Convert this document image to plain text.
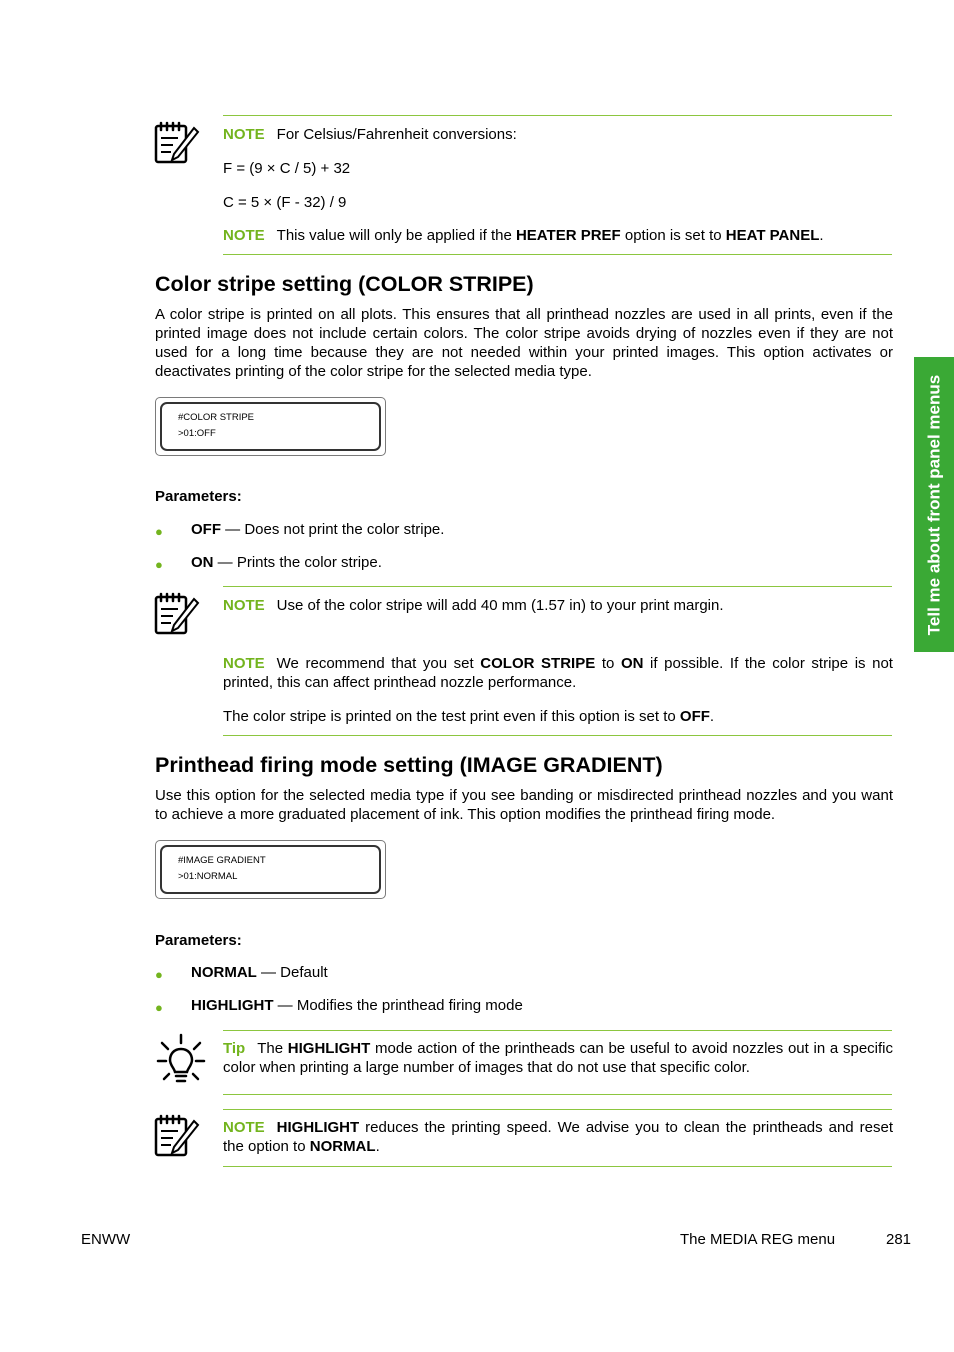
NOTE For Celsius/Fahrenheit conversions:
F = (9 × C / 5) + 32
C = 5 × (F - 32) / 9
NOTE This value will only be applied if the HEATER PREF option is set to HEAT PANEL.
Color stripe setting (COLOR STRIPE)
A color stripe is printed on all plots. This ensures that all printhead nozzles are used in all prints, even if the printed image does not include certain colors. The color stripe avoids drying of nozzles even if they are not used for a long time because they are not needed within your printed images. This option activates or deactivates printing of the color stripe for the selected media type.
#COLOR STRIPE
>01:OFF
Parameters:
● OFF — Does not print the color stripe.
● ON — Prints the color stripe.
NOTE Use of the color stripe will add 40 mm (1.57 in) to your print margin.
NOTE We recommend that you set COLOR STRIPE to ON if possible. If the color stripe is not printed, this can affect printhead nozzle performance.
The color stripe is printed on the test print even if this option is set to OFF.
Printhead firing mode setting (IMAGE GRADIENT)
Use this option for the selected media type if you see banding or misdirected printhead nozzles and you want to achieve a more graduated placement of ink. This option modifies the printhead firing mode.
#IMAGE GRADIENT
>01:NORMAL
Parameters:
● NORMAL — Default
● HIGHLIGHT — Modifies the printhead firing mode
Tip The HIGHLIGHT mode action of the printheads can be useful to avoid nozzles out in a specific color when printing a large number of images that do not use that specific color.
NOTE HIGHLIGHT reduces the printing speed. We advise you to clean the printheads and reset the option to NORMAL.
Tell me about front panel menus
ENWW	The MEDIA REG menu	281
